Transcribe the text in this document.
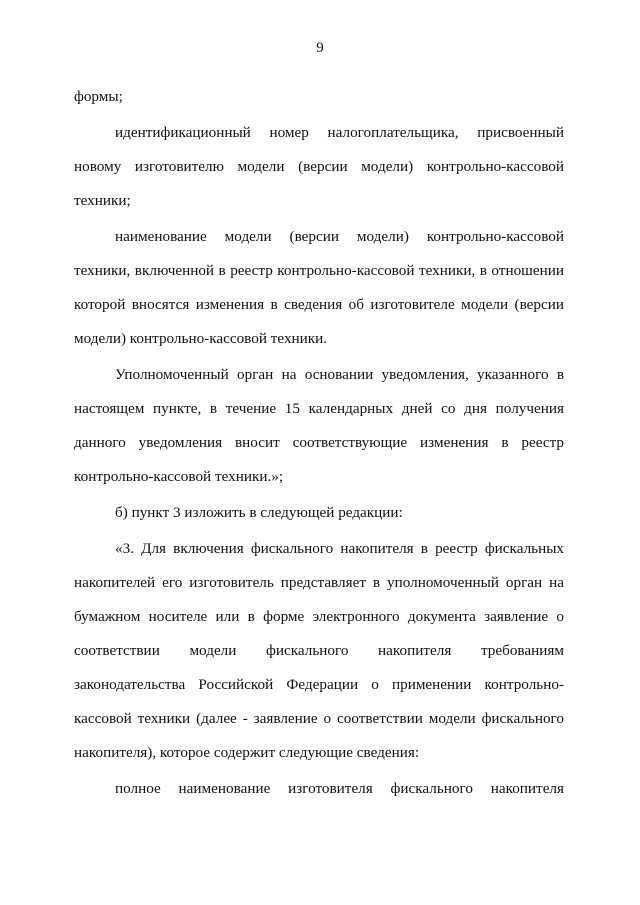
9

формы;

идентификационный номер налогоплательщика, присвоенный новому изготовителю модели (версии модели) контрольно-кассовой техники;

наименование модели (версии модели) контрольно-кассовой техники, включенной в реестр контрольно-кассовой техники, в отношении которой вносятся изменения в сведения об изготовителе модели (версии модели) контрольно-кассовой техники.

Уполномоченный орган на основании уведомления, указанного в настоящем пункте, в течение 15 календарных дней со дня получения данного уведомления вносит соответствующие изменения в реестр контрольно-кассовой техники.»;

б) пункт 3 изложить в следующей редакции:

«3. Для включения фискального накопителя в реестр фискальных накопителей его изготовитель представляет в уполномоченный орган на бумажном носителе или в форме электронного документа заявление о соответствии модели фискального накопителя требованиям законодательства Российской Федерации о применении контрольно-кассовой техники (далее - заявление о соответствии модели фискального накопителя), которое содержит следующие сведения:

полное наименование изготовителя фискального накопителя
